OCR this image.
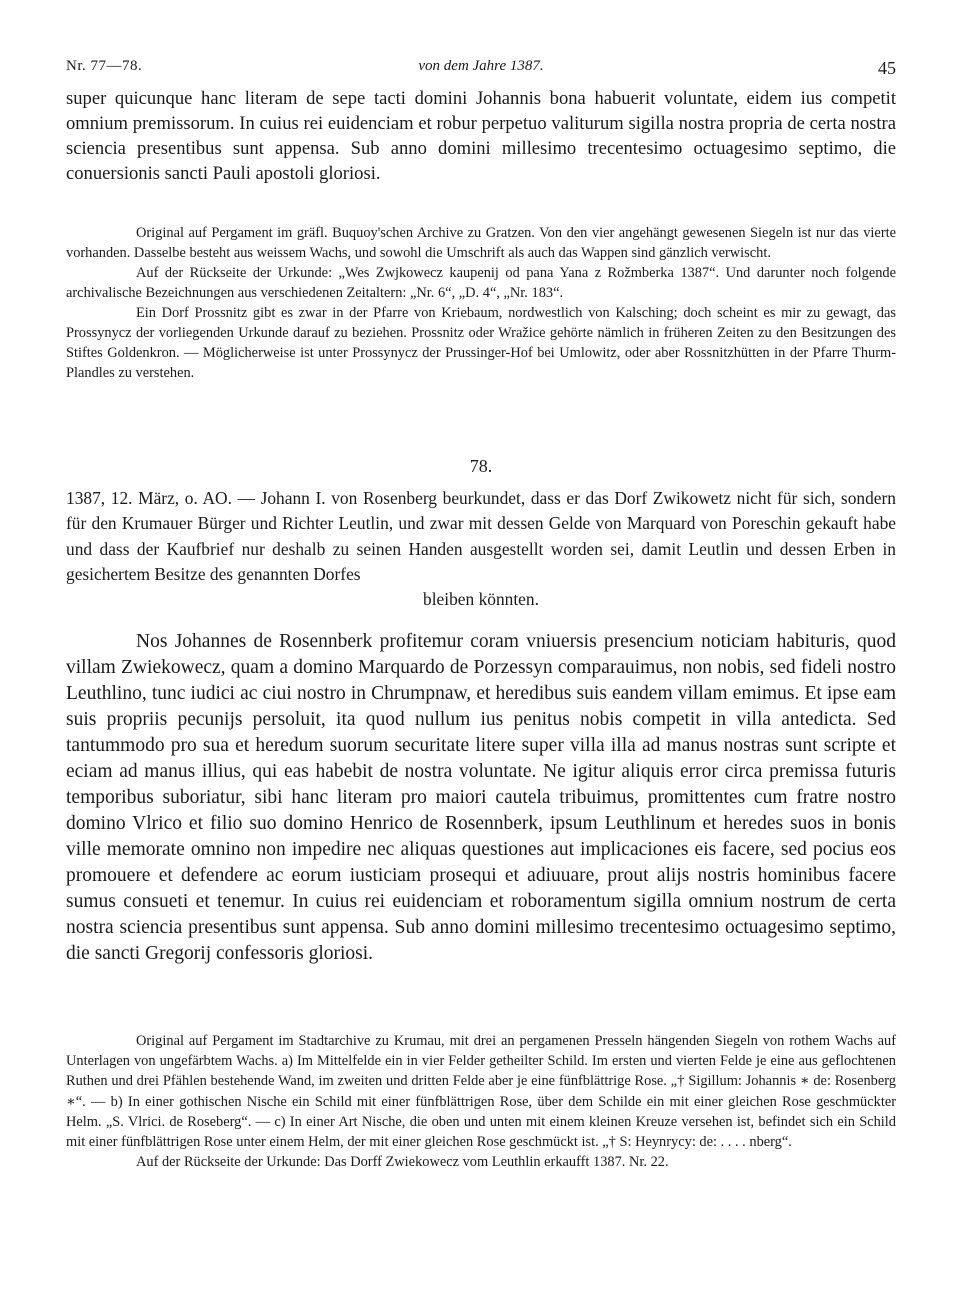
Nr. 77—78.	von dem Jahre 1387.	45

super quicunque hanc literam de sepe tacti domini Johannis bona habuerit voluntate, eidem ius competit omnium premissorum. In cuius rei euidenciam et robur perpetuo valiturum sigilla nostra propria de certa nostra sciencia presentibus sunt appensa. Sub anno domini millesimo trecentesimo octuagesimo septimo, die conuersionis sancti Pauli apostoli gloriosi.

Original auf Pergament im gräfl. Buquoy'schen Archive zu Gratzen. Von den vier angehängt gewesenen Siegeln ist nur das vierte vorhanden. Dasselbe besteht aus weissem Wachs, und sowohl die Umschrift als auch das Wappen sind gänzlich verwischt.

Auf der Rückseite der Urkunde: „Wes Zwjkowecz kaupenij od pana Yana z Rožmberka 1387“. Und darunter noch folgende archivalische Bezeichnungen aus verschiedenen Zeitaltern: „Nr. 6“, „D. 4“, „Nr. 183“.

Ein Dorf Prossnitz gibt es zwar in der Pfarre von Kriebaum, nordwestlich von Kalsching; doch scheint es mir zu gewagt, das Prossynycz der vorliegenden Urkunde darauf zu beziehen. Prossnitz oder Wražice gehörte nämlich in früheren Zeiten zu den Besitzungen des Stiftes Goldenkron. — Möglicherweise ist unter Prossynycz der Prussinger-Hof bei Umlowitz, oder aber Rossnitzhütten in der Pfarre Thurm-Plandles zu verstehen.

78.

1387, 12. März, o. AO. — Johann I. von Rosenberg beurkundet, dass er das Dorf Zwikowetz nicht für sich, sondern für den Krumauer Bürger und Richter Leutlin, und zwar mit dessen Gelde von Marquard von Poreschin gekauft habe und dass der Kaufbrief nur deshalb zu seinen Handen ausgestellt worden sei, damit Leutlin und dessen Erben in gesichertem Besitze des genannten Dorfes

bleiben könnten.

Nos Johannes de Rosennberk profitemur coram vniuersis presencium noticiam habituris, quod villam Zwiekowecz, quam a domino Marquardo de Porzessyn comparauimus, non nobis, sed fideli nostro Leuthlino, tunc iudici ac ciui nostro in Chrumpnaw, et heredibus suis eandem villam emimus. Et ipse eam suis propriis pecunijs persoluit, ita quod nullum ius penitus nobis competit in villa antedicta. Sed tantummodo pro sua et heredum suorum securitate litere super villa illa ad manus nostras sunt scripte et eciam ad manus illius, qui eas habebit de nostra voluntate. Ne igitur aliquis error circa premissa futuris temporibus suboriatur, sibi hanc literam pro maiori cautela tribuimus, promittentes cum fratre nostro domino Vlrico et filio suo domino Henrico de Rosennberk, ipsum Leuthlinum et heredes suos in bonis ville memorate omnino non impedire nec aliquas questiones aut implicaciones eis facere, sed pocius eos promouere et defendere ac eorum iusticiam prosequi et adiuuare, prout alijs nostris hominibus facere sumus consueti et tenemur. In cuius rei euidenciam et roboramentum sigilla omnium nostrum de certa nostra sciencia presentibus sunt appensa. Sub anno domini millesimo trecentesimo octuagesimo septimo, die sancti Gregorij confessoris gloriosi.

Original auf Pergament im Stadtarchive zu Krumau, mit drei an pergamenen Presseln hängenden Siegeln von rothem Wachs auf Unterlagen von ungefärbtem Wachs. a) Im Mittelfelde ein in vier Felder getheilter Schild. Im ersten und vierten Felde je eine aus geflochtenen Ruthen und drei Pfählen bestehende Wand, im zweiten und dritten Felde aber je eine fünfblättrige Rose. „† Sigillum: Johannis ∗ de: Rosenberg ∗“. — b) In einer gothischen Nische ein Schild mit einer fünfblättrigen Rose, über dem Schilde ein mit einer gleichen Rose geschmückter Helm. „S. Vlrici. de Roseberg“. — c) In einer Art Nische, die oben und unten mit einem kleinen Kreuze versehen ist, befindet sich ein Schild mit einer fünfblättrigen Rose unter einem Helm, der mit einer gleichen Rose geschmückt ist. „† S: Heynrycy: de: . . . . nberg“.

Auf der Rückseite der Urkunde: Das Dorff Zwiekowecz vom Leuthlin erkaufft 1387. Nr. 22.
